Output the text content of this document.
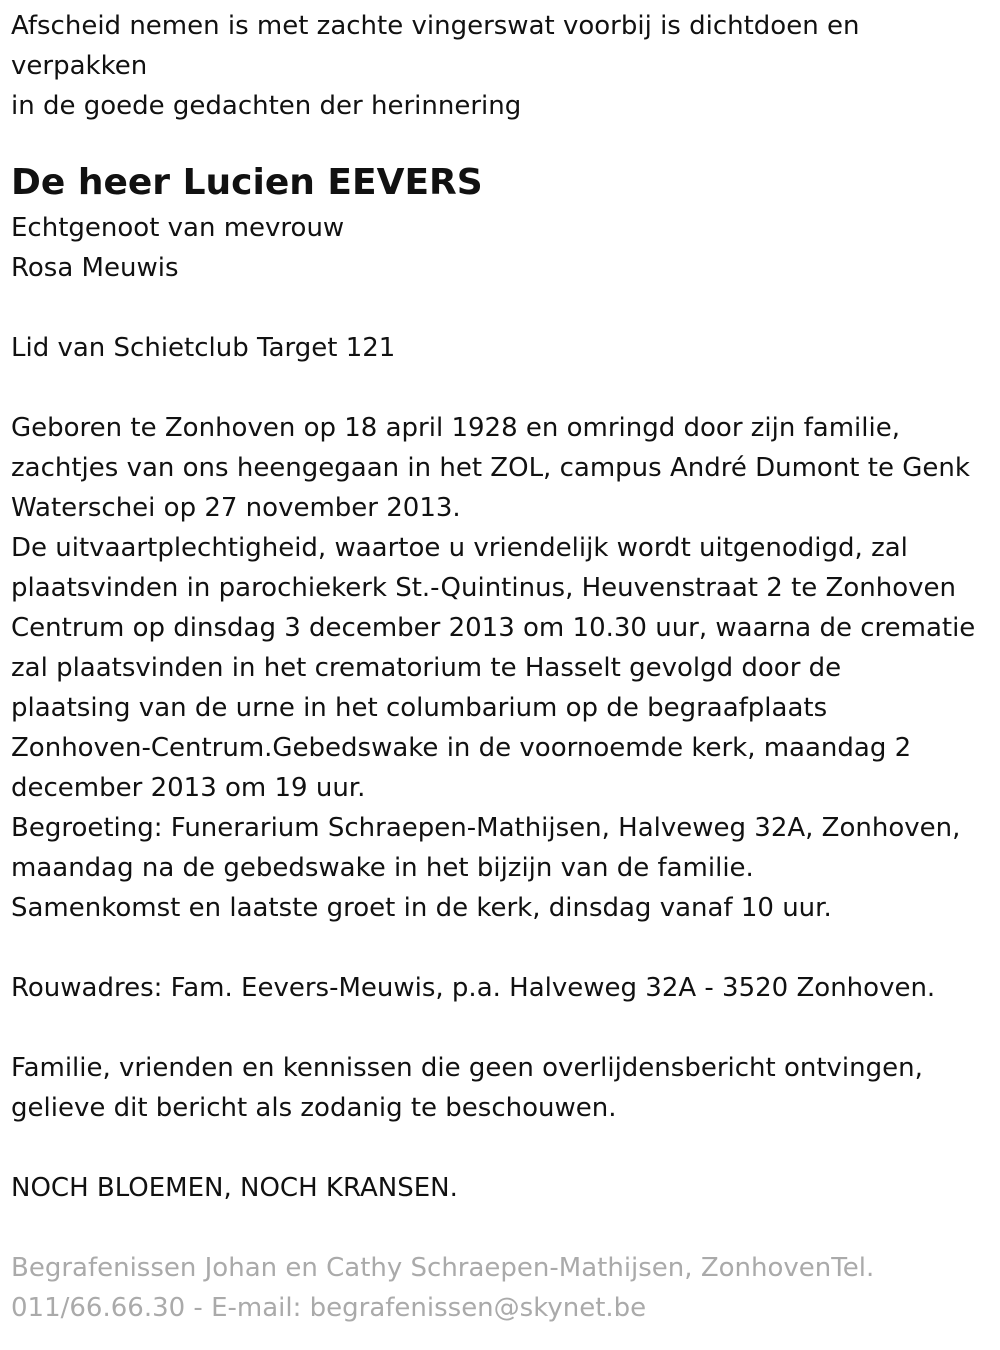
Afscheid nemen is met zachte vingerswat voorbij is dichtdoen en

verpakken

in de goede gedachten der herinnering

De heer Lucien EEVERS

Echtgenoot van mevrouw

Rosa Meuwis

Lid van Schietclub Target 121

Geboren te Zonhoven op 18 april 1928 en omringd door zijn familie,

zachtjes van ons heengegaan in het ZOL, campus André Dumont te Genk

Waterschei op 27 november 2013.

De uitvaartplechtigheid, waartoe u vriendelijk wordt uitgenodigd, zal

plaatsvinden in parochiekerk St.-Quintinus, Heuvenstraat 2 te Zonhoven

Centrum op dinsdag 3 december 2013 om 10.30 uur, waarna de crematie

zal plaatsvinden in het crematorium te Hasselt gevolgd door de

plaatsing van de urne in het columbarium op de begraafplaats

Zonhoven-Centrum.Gebedswake in de voornoemde kerk, maandag 2

december 2013 om 19 uur.

Begroeting: Funerarium Schraepen-Mathijsen, Halveweg 32A, Zonhoven,

maandag na de gebedswake in het bijzijn van de familie.

Samenkomst en laatste groet in de kerk, dinsdag vanaf 10 uur.

Rouwadres: Fam. Eevers-Meuwis, p.a. Halveweg 32A - 3520 Zonhoven.

Familie, vrienden en kennissen die geen overlijdensbericht ontvingen,

gelieve dit bericht als zodanig te beschouwen.

NOCH BLOEMEN, NOCH KRANSEN.

Begrafenissen Johan en Cathy Schraepen-Mathijsen, ZonhovenTel.

011/66.66.30 - E-mail: begrafenissen@skynet.be
